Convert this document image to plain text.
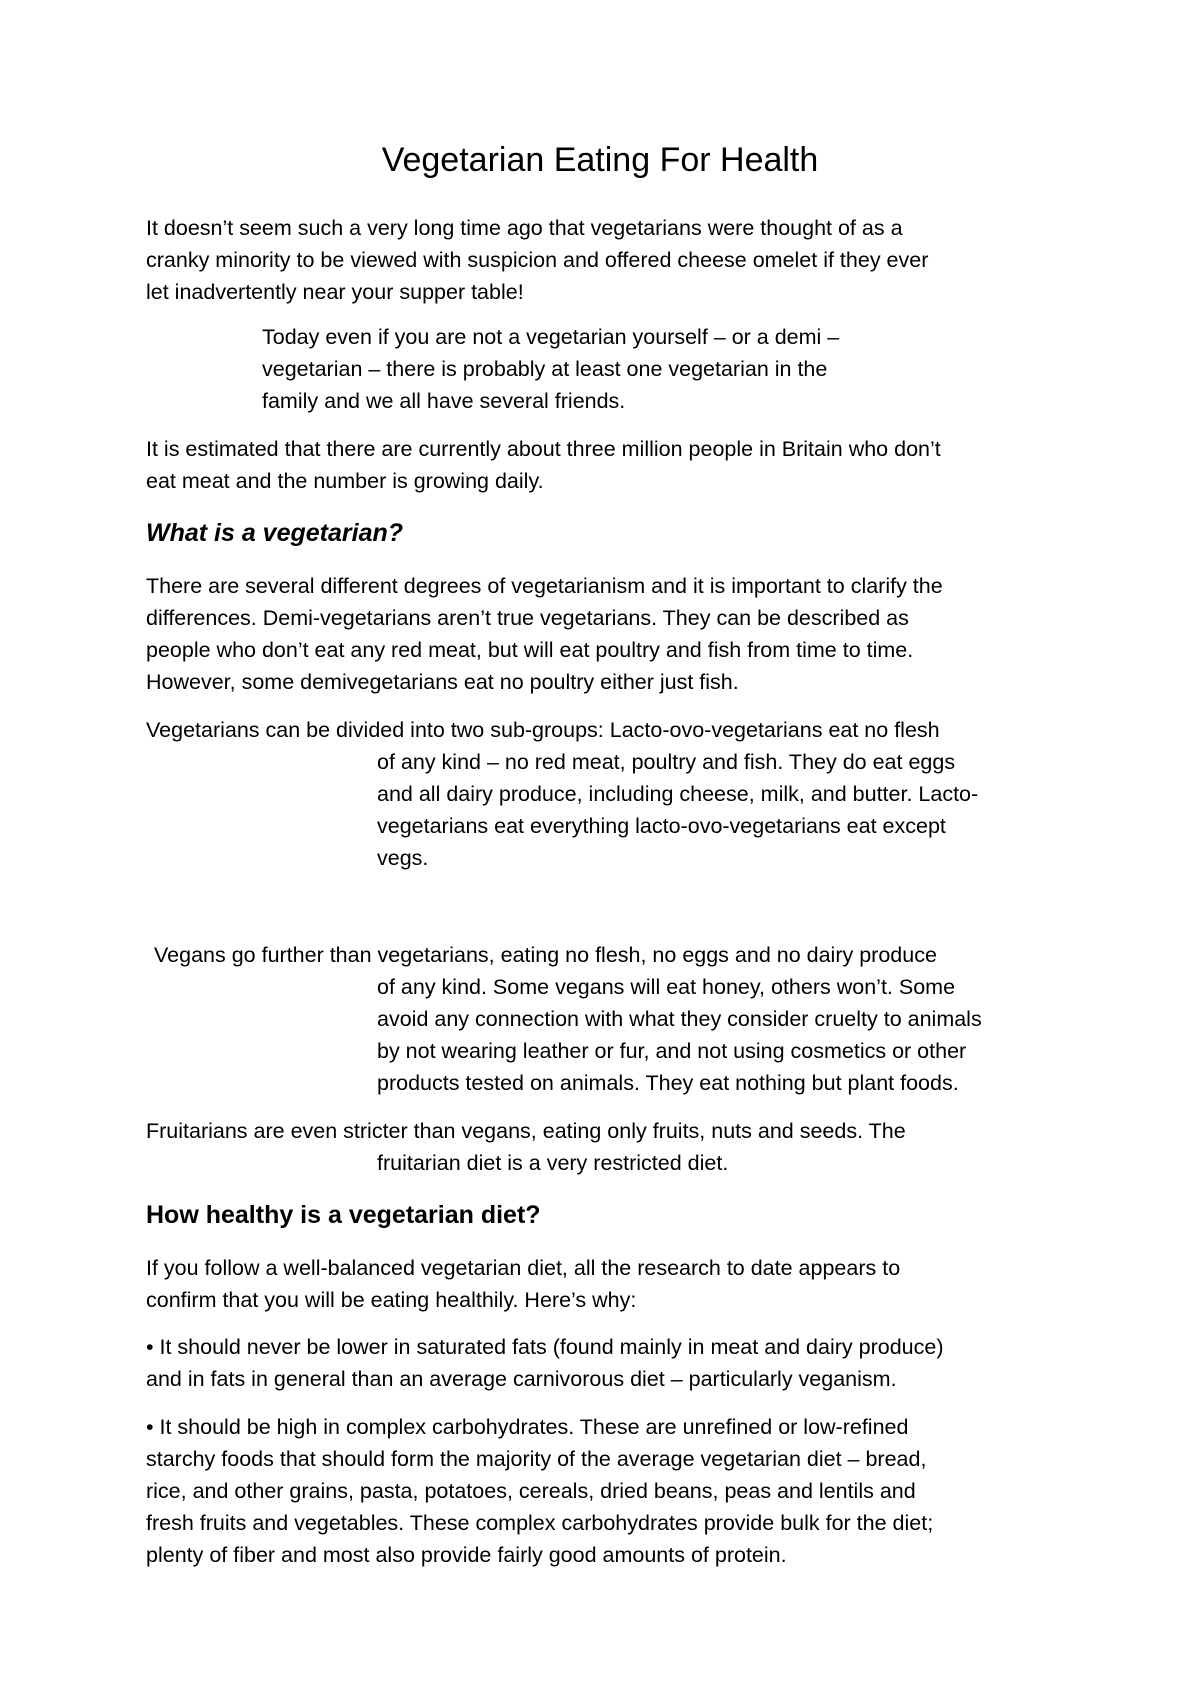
Vegetarian Eating For Health

It doesn’t seem such a very long time ago that vegetarians were thought of as a
cranky minority to be viewed with suspicion and offered cheese omelet if they ever
let inadvertently near your supper table!

Today even if you are not a vegetarian yourself – or a demi –
vegetarian – there is probably at least one vegetarian in the
family and we all have several friends.

It is estimated that there are currently about three million people in Britain who don’t
eat meat and the number is growing daily.

What is a vegetarian?

There are several different degrees of vegetarianism and it is important to clarify the
differences. Demi-vegetarians aren’t true vegetarians. They can be described as
people who don’t eat any red meat, but will eat poultry and fish from time to time.
However, some demivegetarians eat no poultry either just fish.

Vegetarians can be divided into two sub-groups: Lacto-ovo-vegetarians eat no flesh
of any kind – no red meat, poultry and fish. They do eat eggs
and all dairy produce, including cheese, milk, and butter. Lacto-
vegetarians eat everything lacto-ovo-vegetarians eat except
vegs.

Vegans go further than vegetarians, eating no flesh, no eggs and no dairy produce
of any kind. Some vegans will eat honey, others won’t. Some
avoid any connection with what they consider cruelty to animals
by not wearing leather or fur, and not using cosmetics or other
products tested on animals. They eat nothing but plant foods.

Fruitarians are even stricter than vegans, eating only fruits, nuts and seeds. The
fruitarian diet is a very restricted diet.

How healthy is a vegetarian diet?

If you follow a well-balanced vegetarian diet, all the research to date appears to
confirm that you will be eating healthily. Here’s why:

• It should never be lower in saturated fats (found mainly in meat and dairy produce)
and in fats in general than an average carnivorous diet – particularly veganism.

• It should be high in complex carbohydrates. These are unrefined or low-refined
starchy foods that should form the majority of the average vegetarian diet – bread,
rice, and other grains, pasta, potatoes, cereals, dried beans, peas and lentils and
fresh fruits and vegetables. These complex carbohydrates provide bulk for the diet;
plenty of fiber and most also provide fairly good amounts of protein.
